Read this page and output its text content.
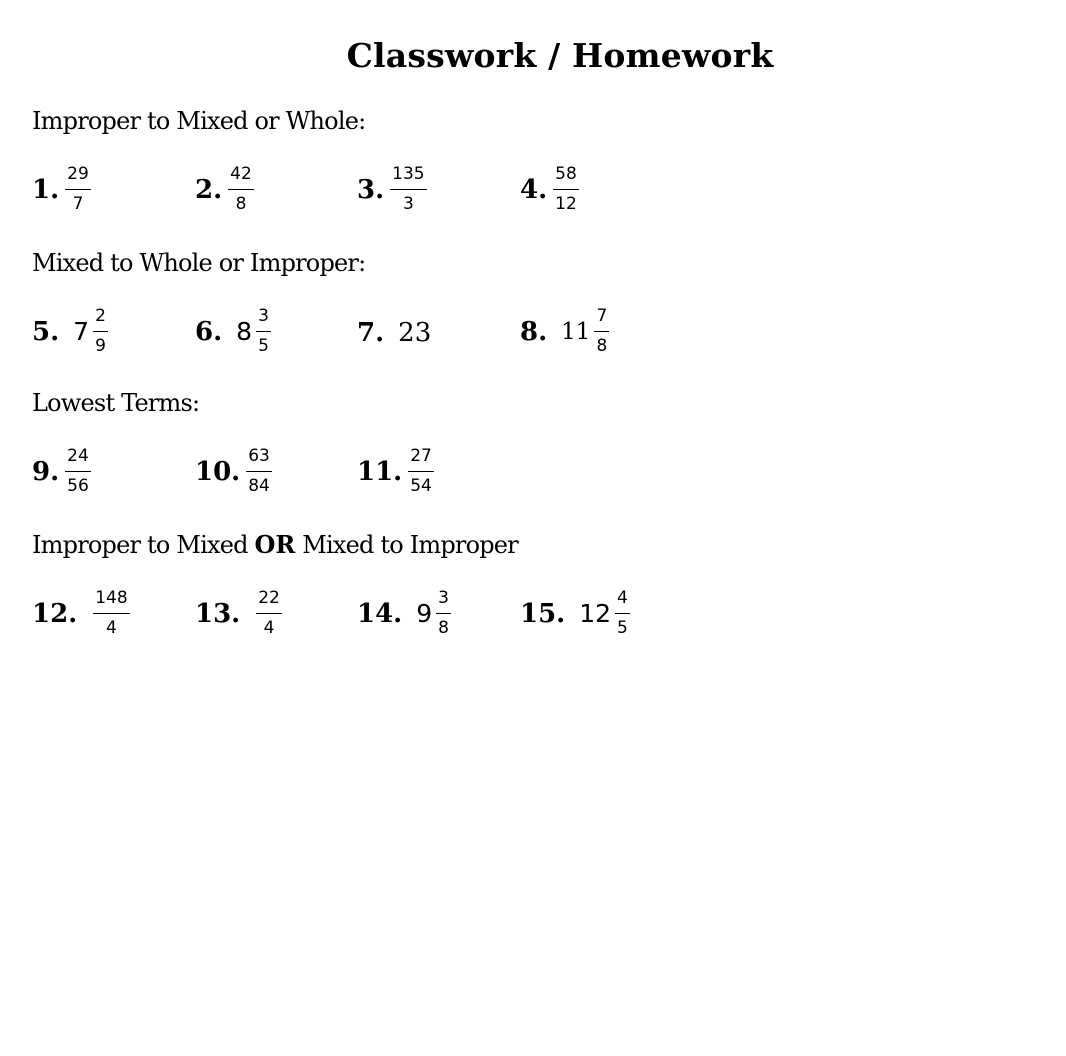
Classwork / Homework
Improper to Mixed or Whole:
1. $\frac{29}{7}$	2. $\frac{42}{8}$	3. $\frac{135}{3}$	4. $\frac{58}{12}$
Mixed to Whole or Improper:
5. $7 \frac{2}{9}$	6. $8 \frac{3}{5}$	7. 23	8. $11 \frac{7}{8}$
Lowest Terms:
9. $\frac{24}{56}$	10. $\frac{63}{84}$	11. $\frac{27}{54}$
Improper to Mixed OR Mixed to Improper
12. $\frac{148}{4}$	13. $\frac{22}{4}$	14. $9 \frac{3}{8}$	15. $12 \frac{4}{5}$
